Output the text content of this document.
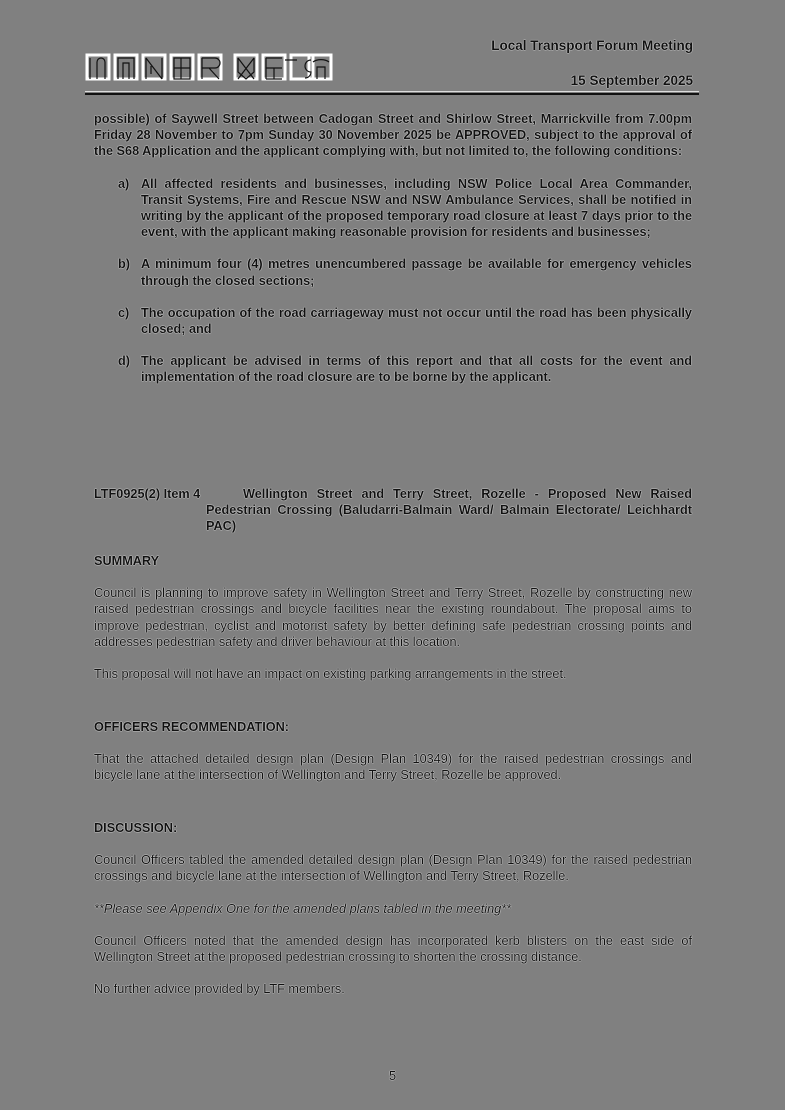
Local Transport Forum Meeting
15 September 2025

possible) of Saywell Street between Cadogan Street and Shirlow Street, Marrickville from 7.00pm Friday 28 November to 7pm Sunday 30 November 2025 be APPROVED, subject to the approval of the S68 Application and the applicant complying with, but not limited to, the following conditions:

a) All affected residents and businesses, including NSW Police Local Area Commander, Transit Systems, Fire and Rescue NSW and NSW Ambulance Services, shall be notified in writing by the applicant of the proposed temporary road closure at least 7 days prior to the event, with the applicant making reasonable provision for residents and businesses;
b) A minimum four (4) metres unencumbered passage be available for emergency vehicles through the closed sections;
c) The occupation of the road carriageway must not occur until the road has been physically closed; and
d) The applicant be advised in terms of this report and that all costs for the event and implementation of the road closure are to be borne by the applicant.
LTF0925(2) Item 4	Wellington Street and Terry Street, Rozelle - Proposed New Raised Pedestrian Crossing (Baludarri-Balmain Ward/ Balmain Electorate/ Leichhardt PAC)

SUMMARY

Council is planning to improve safety in Wellington Street and Terry Street, Rozelle by constructing new raised pedestrian crossings and bicycle facilities near the existing roundabout. The proposal aims to improve pedestrian, cyclist and motorist safety by better defining safe pedestrian crossing points and addresses pedestrian safety and driver behaviour at this location.

This proposal will not have an impact on existing parking arrangements in the street.

OFFICERS RECOMMENDATION:

That the attached detailed design plan (Design Plan 10349) for the raised pedestrian crossings and bicycle lane at the intersection of Wellington and Terry Street, Rozelle be approved.

DISCUSSION:

Council Officers tabled the amended detailed design plan (Design Plan 10349) for the raised pedestrian crossings and bicycle lane at the intersection of Wellington and Terry Street, Rozelle.

**Please see Appendix One for the amended plans tabled in the meeting**

Council Officers noted that the amended design has incorporated kerb blisters on the east side of Wellington Street at the proposed pedestrian crossing to shorten the crossing distance.

No further advice provided by LTF members.

5
